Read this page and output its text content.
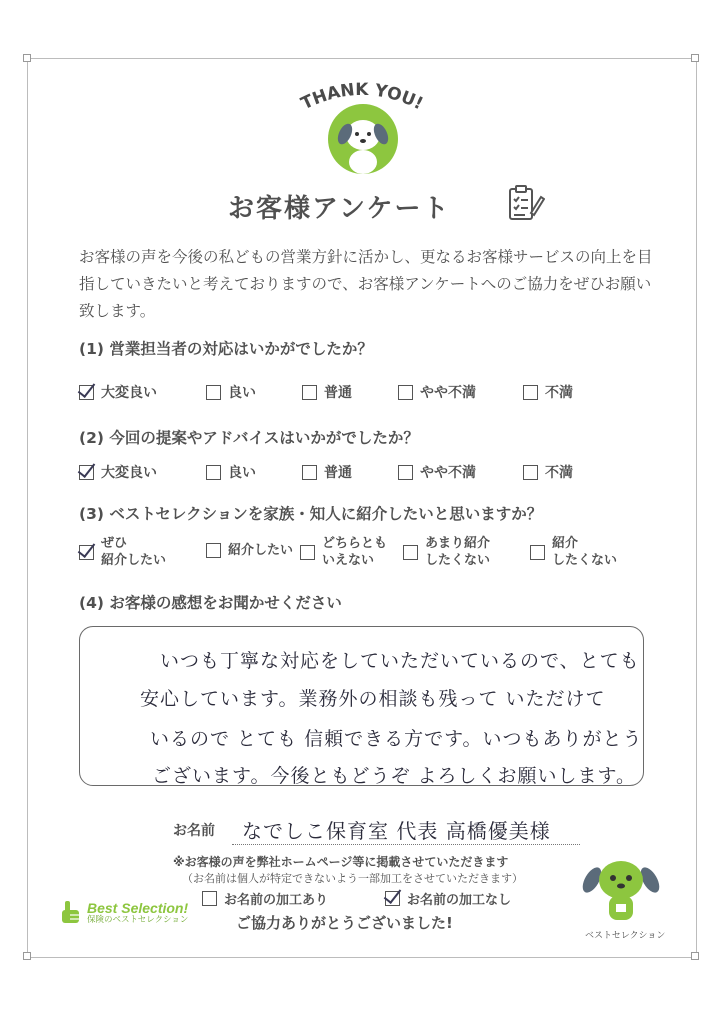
THANK YOU!
お客様アンケート
お客様の声を今後の私どもの営業方針に活かし、更なるお客様サービスの向上を目指していきたいと考えておりますので、お客様アンケートへのご協力をぜひお願い致します。
(1) 営業担当者の対応はいかがでしたか？
大変良い	良い	普通	やや不満	不満
(2) 今回の提案やアドバイスはいかがでしたか？
大変良い	良い	普通	やや不満	不満
(3) ベストセレクションを家族・知人に紹介したいと思いますか？
ぜひ
紹介したい
紹介したい どちらとも
いえない
あまり紹介
したくない
紹介
したくない
(4) お客様の感想をお聞かせください
いつも丁寧な対応をしていただいているので、とても
安心しています。業務外の相談も残って いただけて
いるので とても 信頼できる方です。いつもありがとう
ございます。今後ともどうぞ よろしくお願いします。
お名前 なでしこ保育室 代表 高橋優美様
※お客様の声を弊社ホームページ等に掲載させていただきます
（お名前は個人が特定できないよう一部加工をさせていただきます）
お名前の加工あり	お名前の加工なし
ご協力ありがとうございました!
Best Selection!
保険のベストセレクション
ベストセレクション
